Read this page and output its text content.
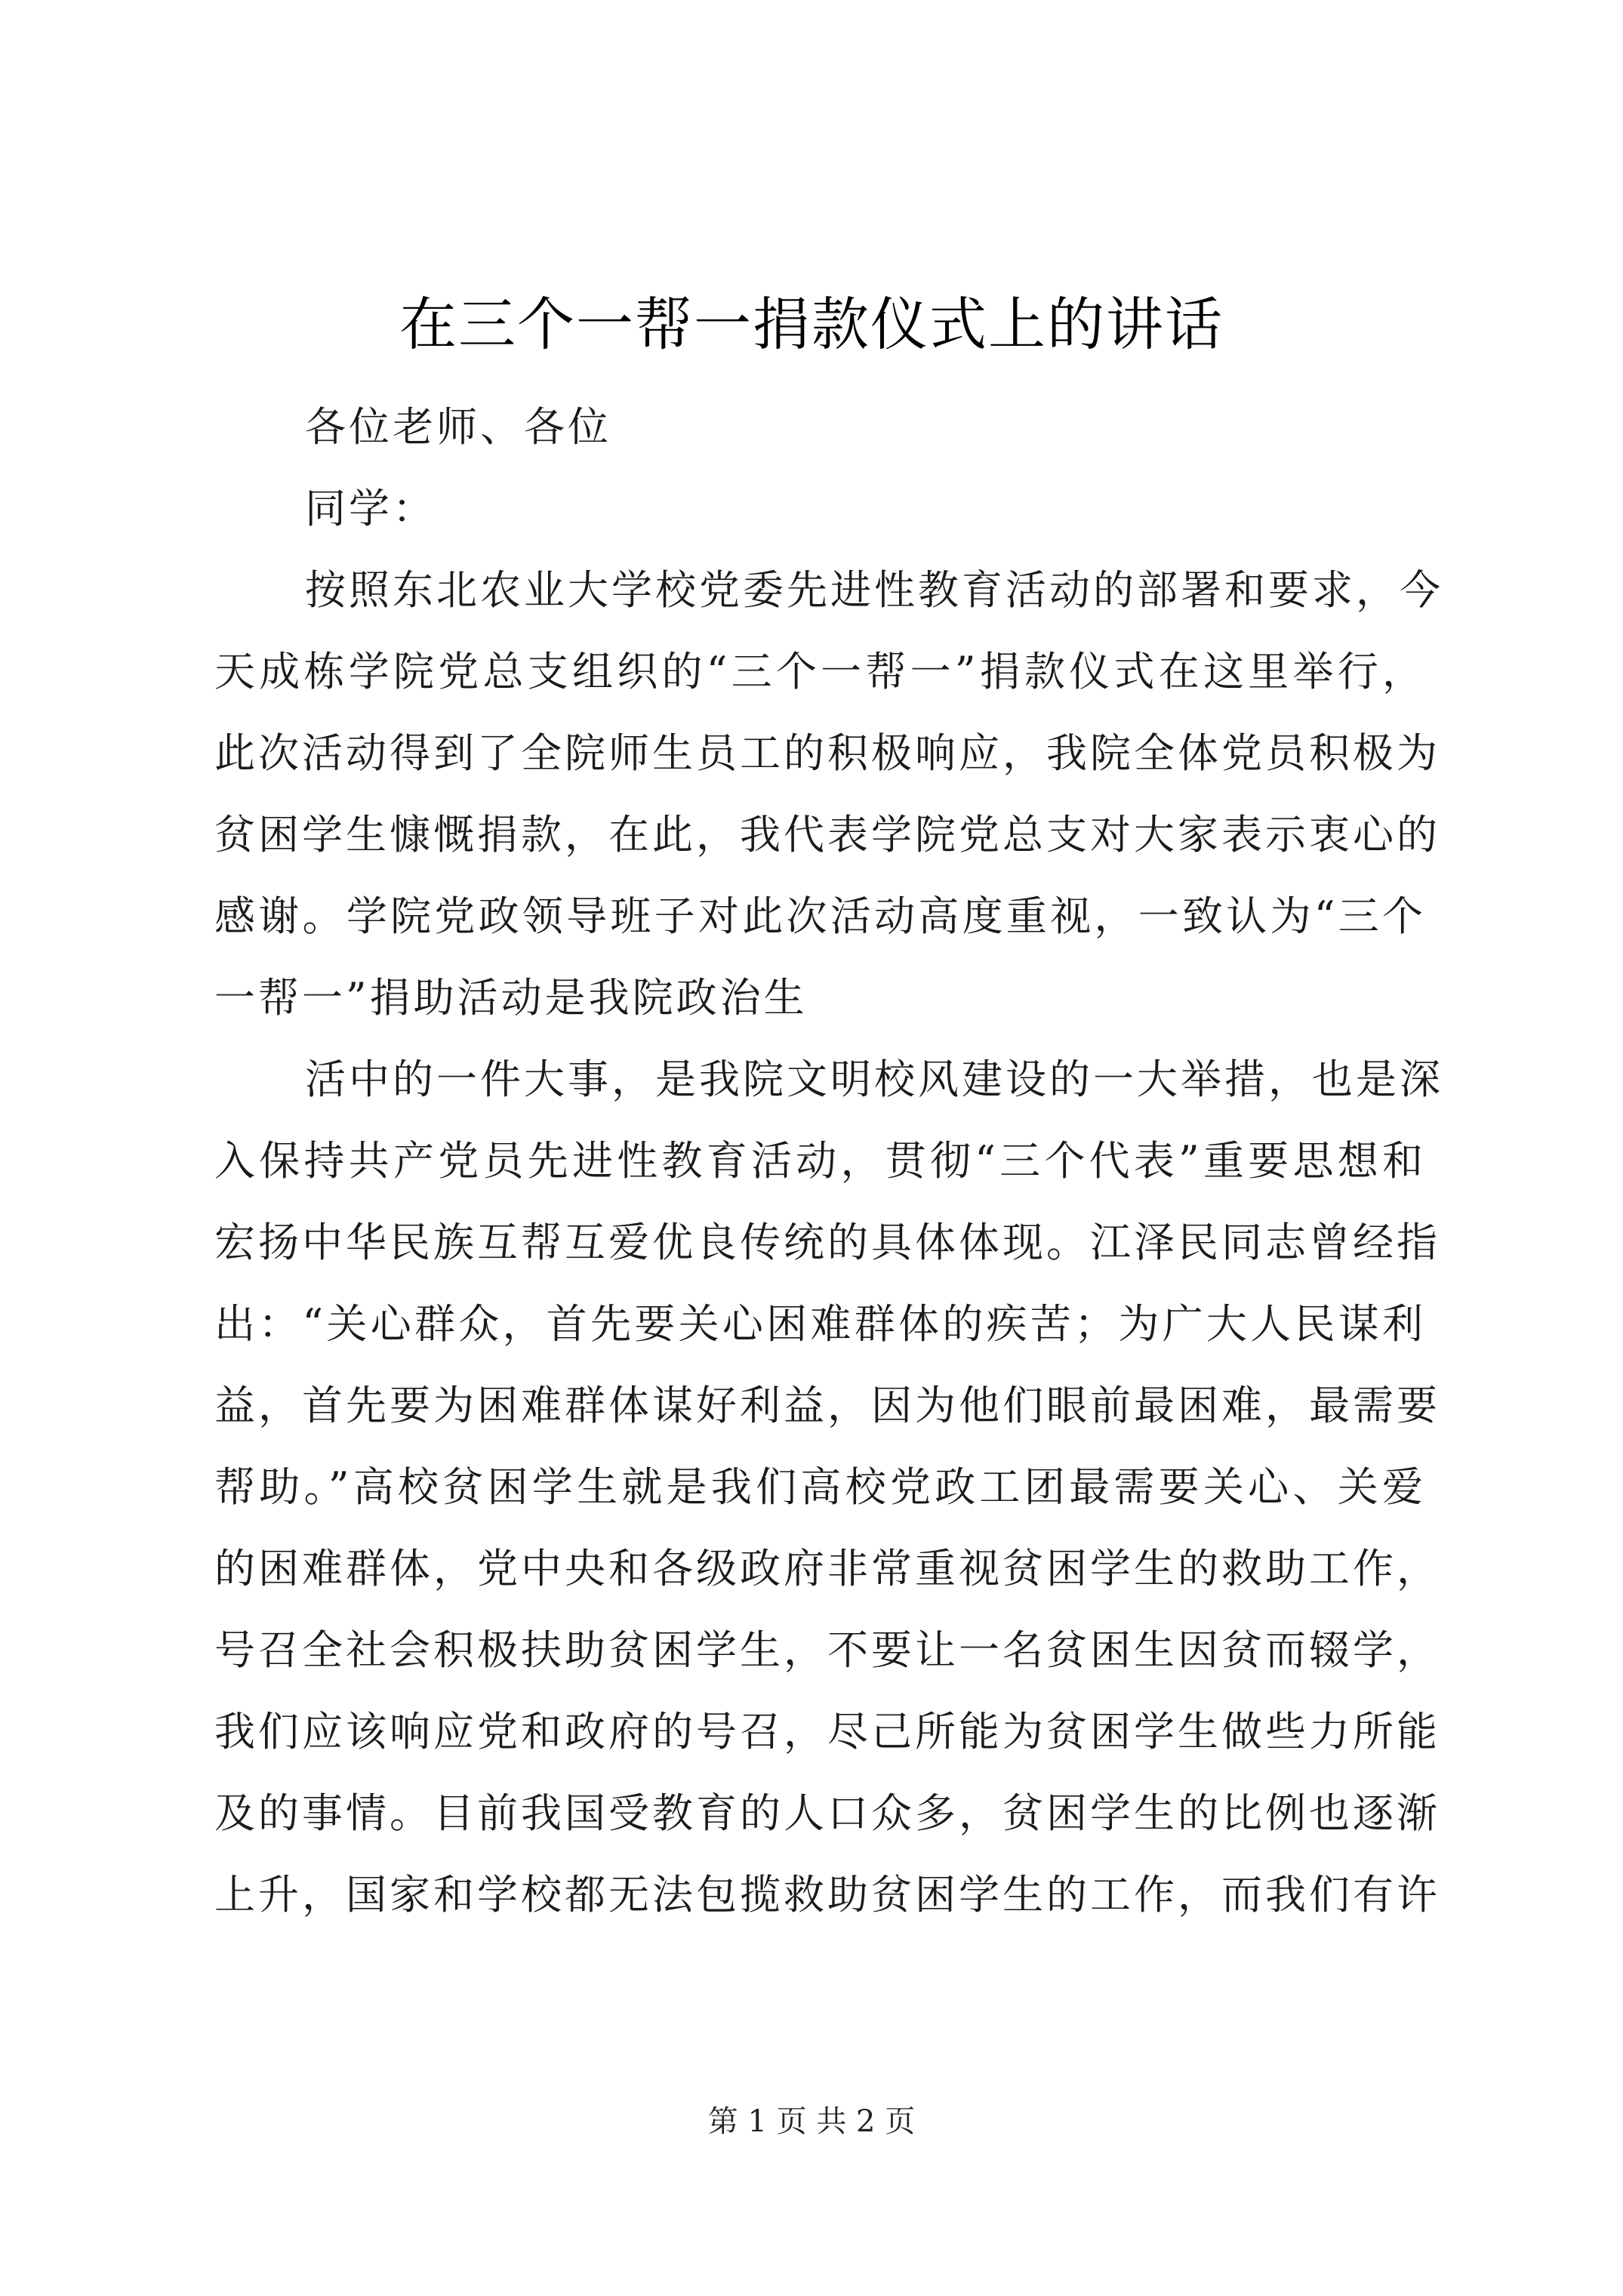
在三个一帮一捐款仪式上的讲话
各位老师、各位
同学：
按照东北农业大学校党委先进性教育活动的部署和要求，今
天成栋学院党总支组织的“三个一帮一”捐款仪式在这里举行，
此次活动得到了全院师生员工的积极响应，我院全体党员积极为
贫困学生慷慨捐款，在此，我代表学院党总支对大家表示衷心的
感谢。学院党政领导班子对此次活动高度重视，一致认为“三个
一帮一”捐助活动是我院政治生
活中的一件大事，是我院文明校风建设的一大举措，也是深
入保持共产党员先进性教育活动，贯彻“三个代表”重要思想和
宏扬中华民族互帮互爱优良传统的具体体现。江泽民同志曾经指
出：“关心群众，首先要关心困难群体的疾苦；为广大人民谋利
益，首先要为困难群体谋好利益，因为他们眼前最困难，最需要
帮助。”高校贫困学生就是我们高校党政工团最需要关心、关爱
的困难群体，党中央和各级政府非常重视贫困学生的救助工作，
号召全社会积极扶助贫困学生，不要让一名贫困生因贫而辍学，
我们应该响应党和政府的号召，尽己所能为贫困学生做些力所能
及的事情。目前我国受教育的人口众多，贫困学生的比例也逐渐
上升，国家和学校都无法包揽救助贫困学生的工作，而我们有许
第 1 页 共 2 页
